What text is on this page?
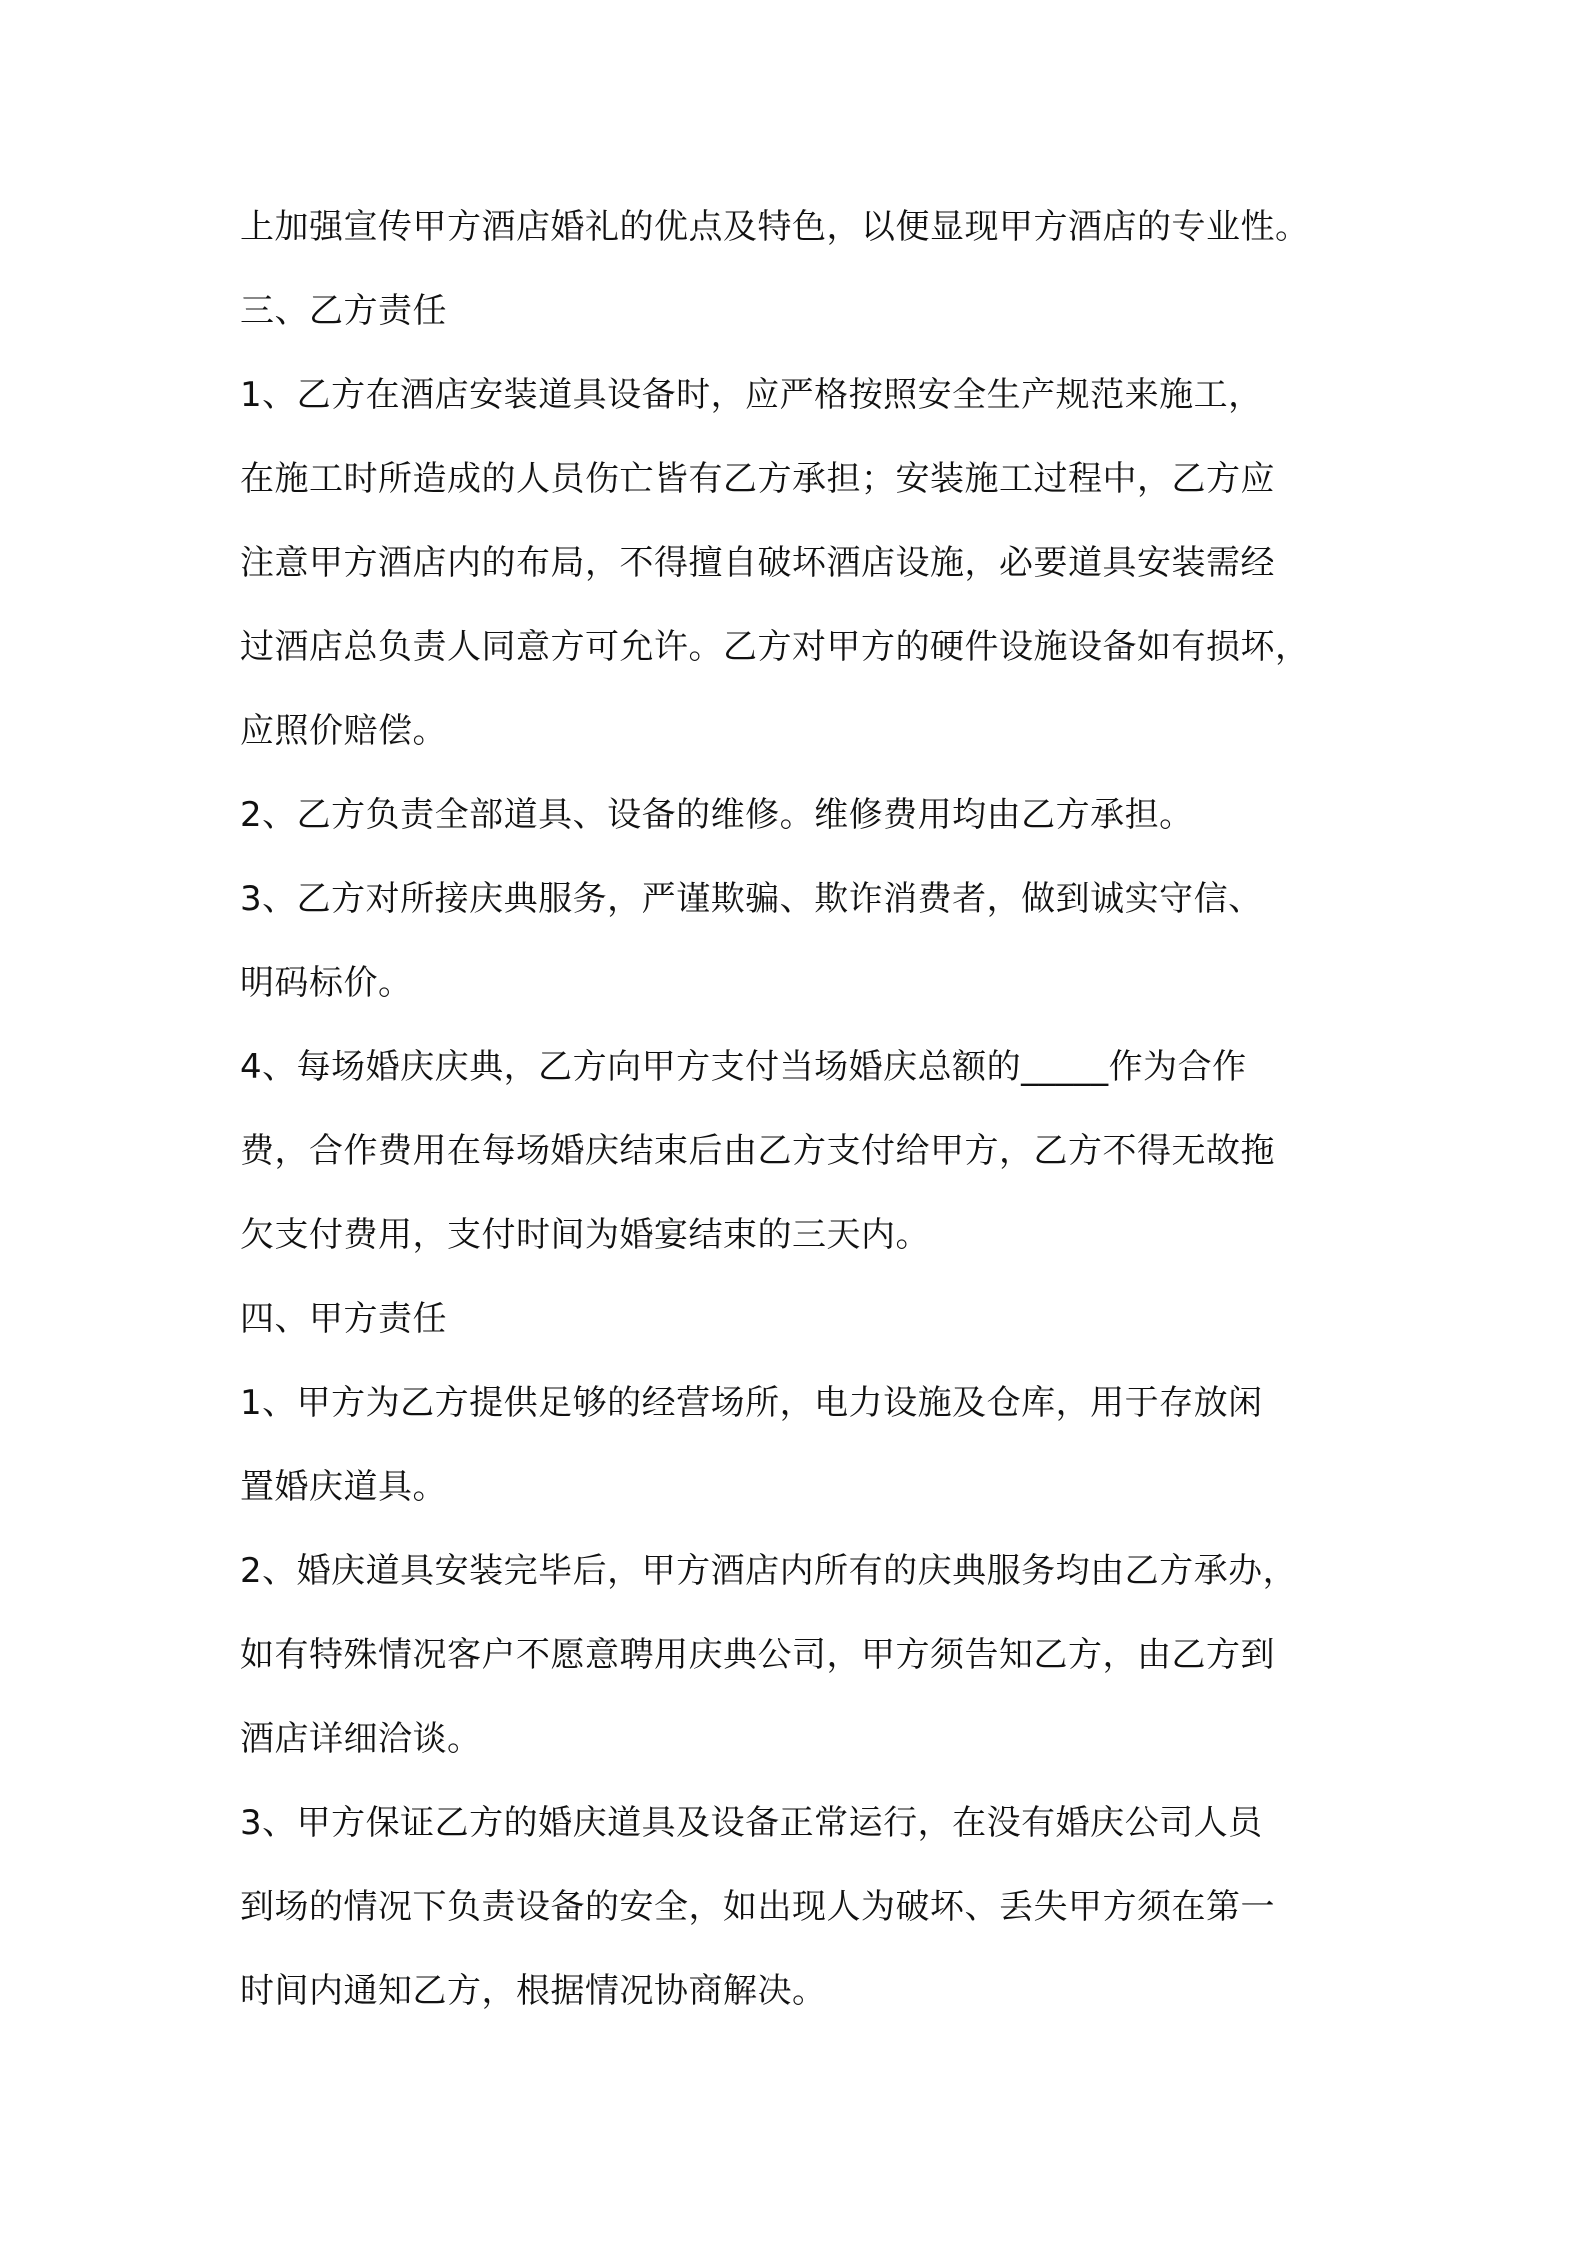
上加强宣传甲方酒店婚礼的优点及特色，以便显现甲方酒店的专业性。
三、乙方责任
1、乙方在酒店安装道具设备时，应严格按照安全生产规范来施工，
在施工时所造成的人员伤亡皆有乙方承担；安装施工过程中，乙方应
注意甲方酒店内的布局，不得擅自破坏酒店设施，必要道具安装需经
过酒店总负责人同意方可允许。乙方对甲方的硬件设施设备如有损坏，
应照价赔偿。
2、乙方负责全部道具、设备的维修。维修费用均由乙方承担。
3、乙方对所接庆典服务，严谨欺骗、欺诈消费者，做到诚实守信、
明码标价。
4、每场婚庆庆典，乙方向甲方支付当场婚庆总额的_____作为合作
费，合作费用在每场婚庆结束后由乙方支付给甲方，乙方不得无故拖
欠支付费用，支付时间为婚宴结束的三天内。
四、甲方责任
1、甲方为乙方提供足够的经营场所，电力设施及仓库，用于存放闲
置婚庆道具。
2、婚庆道具安装完毕后，甲方酒店内所有的庆典服务均由乙方承办，
如有特殊情况客户不愿意聘用庆典公司，甲方须告知乙方，由乙方到
酒店详细洽谈。
3、甲方保证乙方的婚庆道具及设备正常运行，在没有婚庆公司人员
到场的情况下负责设备的安全，如出现人为破坏、丢失甲方须在第一
时间内通知乙方，根据情况协商解决。
